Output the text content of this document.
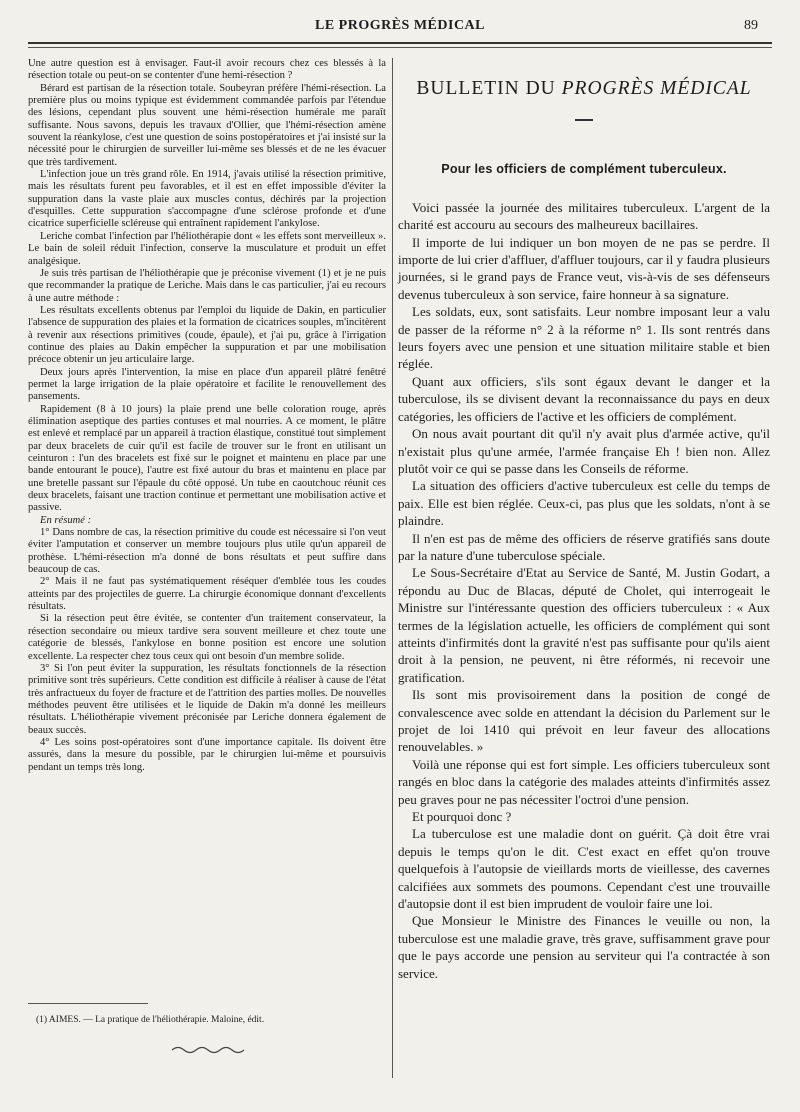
LE PROGRÈS MÉDICAL	89

Une autre question est à envisager. Faut-il avoir recours chez ces blessés à la résection totale ou peut-on se contenter d'une hemi-résection ?

Bérard est partisan de la résection totale. Soubeyran préfère l'hémi-résection. La première plus ou moins typique est évidemment commandée parfois par l'étendue des lésions, cependant plus souvent une hémi-résection humérale me paraît suffisante. Nous savons, depuis les travaux d'Ollier, que l'hémi-résection amène souvent la réankylose, c'est une question de soins postopératoires et j'ai insisté sur la nécessité pour le chirurgien de surveiller lui-même ses blessés et de ne les évacuer que très tardivement.

L'infection joue un très grand rôle. En 1914, j'avais utilisé la résection primitive, mais les résultats furent peu favorables, et il est en effet impossible d'éviter la suppuration dans la vaste plaie aux muscles contus, déchirés par la projection d'esquilles. Cette suppuration s'accompagne d'une sclérose profonde et d'une cicatrice superficielle scléreuse qui entraînent rapidement l'ankylose.

Leriche combat l'infection par l'héliothérapie dont « les effets sont merveilleux ». Le bain de soleil réduit l'infection, conserve la musculature et produit un effet analgésique.

Je suis très partisan de l'héliothérapie que je préconise vivement (1) et je ne puis que recommander la pratique de Leriche. Mais dans le cas particulier, j'ai eu recours à une autre méthode :

Les résultats excellents obtenus par l'emploi du liquide de Dakin, en particulier l'absence de suppuration des plaies et la formation de cicatrices souples, m'incitèrent à revenir aux résections primitives (coude, épaule), et j'ai pu, grâce à l'irrigation continue des plaies au Dakin empêcher la suppuration et par une mobilisation précoce obtenir un jeu articulaire large.

Deux jours après l'intervention, la mise en place d'un appareil plâtré fenêtré permet la large irrigation de la plaie opératoire et facilite le renouvellement des pansements.

Rapidement (8 à 10 jours) la plaie prend une belle coloration rouge, après élimination aseptique des parties contuses et mal nourries. A ce moment, le plâtre est enlevé et remplacé par un appareil à traction élastique, constitué tout simplement par deux bracelets de cuir qu'il est facile de trouver sur le front en utilisant un ceinturon : l'un des bracelets est fixé sur le poignet et maintenu en place par une bande entourant le pouce), l'autre est fixé autour du bras et maintenu en place par une bretelle passant sur l'épaule du côté opposé. Un tube en caoutchouc réunit ces deux bracelets, faisant une traction continue et permettant une mobilisation active et passive.

En résumé :

1° Dans nombre de cas, la résection primitive du coude est nécessaire si l'on veut éviter l'amputation et conserver un membre toujours plus utile qu'un appareil de prothèse. L'hémi-résection m'a donné de bons résultats et peut suffire dans beaucoup de cas.

2° Mais il ne faut pas systématiquement réséquer d'emblée tous les coudes atteints par des projectiles de guerre. La chirurgie économique donnant d'excellents résultats.

Si la résection peut être évitée, se contenter d'un traitement conservateur, la résection secondaire ou mieux tardive sera souvent meilleure et chez toute une catégorie de blessés, l'ankylose en bonne position est encore une solution excellente. La respecter chez tous ceux qui ont besoin d'un membre solide.

3° Si l'on peut éviter la suppuration, les résultats fonctionnels de la résection primitive sont très supérieurs. Cette condition est difficile à réaliser à cause de l'état très anfractueux du foyer de fracture et de l'attrition des parties molles. De nouvelles méthodes peuvent être utilisées et le liquide de Dakin m'a donné les meilleurs résultats. L'héliothérapie vivement préconisée par Leriche donnera également de beaux succès.

4° Les soins post-opératoires sont d'une importance capitale. Ils doivent être assurés, dans la mesure du possible, par le chirurgien lui-même et poursuivis pendant un temps très long.

BULLETIN DU PROGRÈS MÉDICAL
Pour les officiers de complément tuberculeux.

Voici passée la journée des militaires tuberculeux. L'argent de la charité est accouru au secours des malheureux bacillaires.

Il importe de lui indiquer un bon moyen de ne pas se perdre. Il importe de lui crier d'affluer, d'affluer toujours, car il y faudra plusieurs journées, si le grand pays de France veut, vis-à-vis de ses défenseurs devenus tuberculeux à son service, faire honneur à sa signature.

Les soldats, eux, sont satisfaits. Leur nombre imposant leur a valu de passer de la réforme n° 2 à la réforme n° 1. Ils sont rentrés dans leurs foyers avec une pension et une situation militaire stable et bien réglée.

Quant aux officiers, s'ils sont égaux devant le danger et la tuberculose, ils se divisent devant la reconnaissance du pays en deux catégories, les officiers de l'active et les officiers de complément.

On nous avait pourtant dit qu'il n'y avait plus d'armée active, qu'il n'existait plus qu'une armée, l'armée française Eh ! bien non. Allez plutôt voir ce qui se passe dans les Conseils de réforme.

La situation des officiers d'active tuberculeux est celle du temps de paix. Elle est bien réglée. Ceux-ci, pas plus que les soldats, n'ont à se plaindre.

Il n'en est pas de même des officiers de réserve gratifiés sans doute par la nature d'une tuberculose spéciale.

Le Sous-Secrétaire d'Etat au Service de Santé, M. Justin Godart, a répondu au Duc de Blacas, député de Cholet, qui interrogeait le Ministre sur l'intéressante question des officiers tuberculeux : « Aux termes de la législation actuelle, les officiers de complément qui sont atteints d'infirmités dont la gravité n'est pas suffisante pour qu'ils aient droit à la pension, ne peuvent, ni être réformés, ni recevoir une gratification.

Ils sont mis provisoirement dans la position de congé de convalescence avec solde en attendant la décision du Parlement sur le projet de loi 1410 qui prévoit en leur faveur des allocations renouvelables. »

Voilà une réponse qui est fort simple. Les officiers tuberculeux sont rangés en bloc dans la catégorie des malades atteints d'infirmités assez peu graves pour ne pas nécessiter l'octroi d'une pension.

Et pourquoi donc ?

La tuberculose est une maladie dont on guérit. Çà doit être vrai depuis le temps qu'on le dit. C'est exact en effet qu'on trouve quelquefois à l'autopsie de vieillards morts de vieillesse, des cavernes calcifiées aux sommets des poumons. Cependant c'est une trouvaille d'autopsie dont il est bien imprudent de vouloir faire une loi.

Que Monsieur le Ministre des Finances le veuille ou non, la tuberculose est une maladie grave, très grave, suffisamment grave pour que le pays accorde une pension au serviteur qui l'a contractée à son service.

(1) AIMES. — La pratique de l'héliothérapie. Maloine, édit.
